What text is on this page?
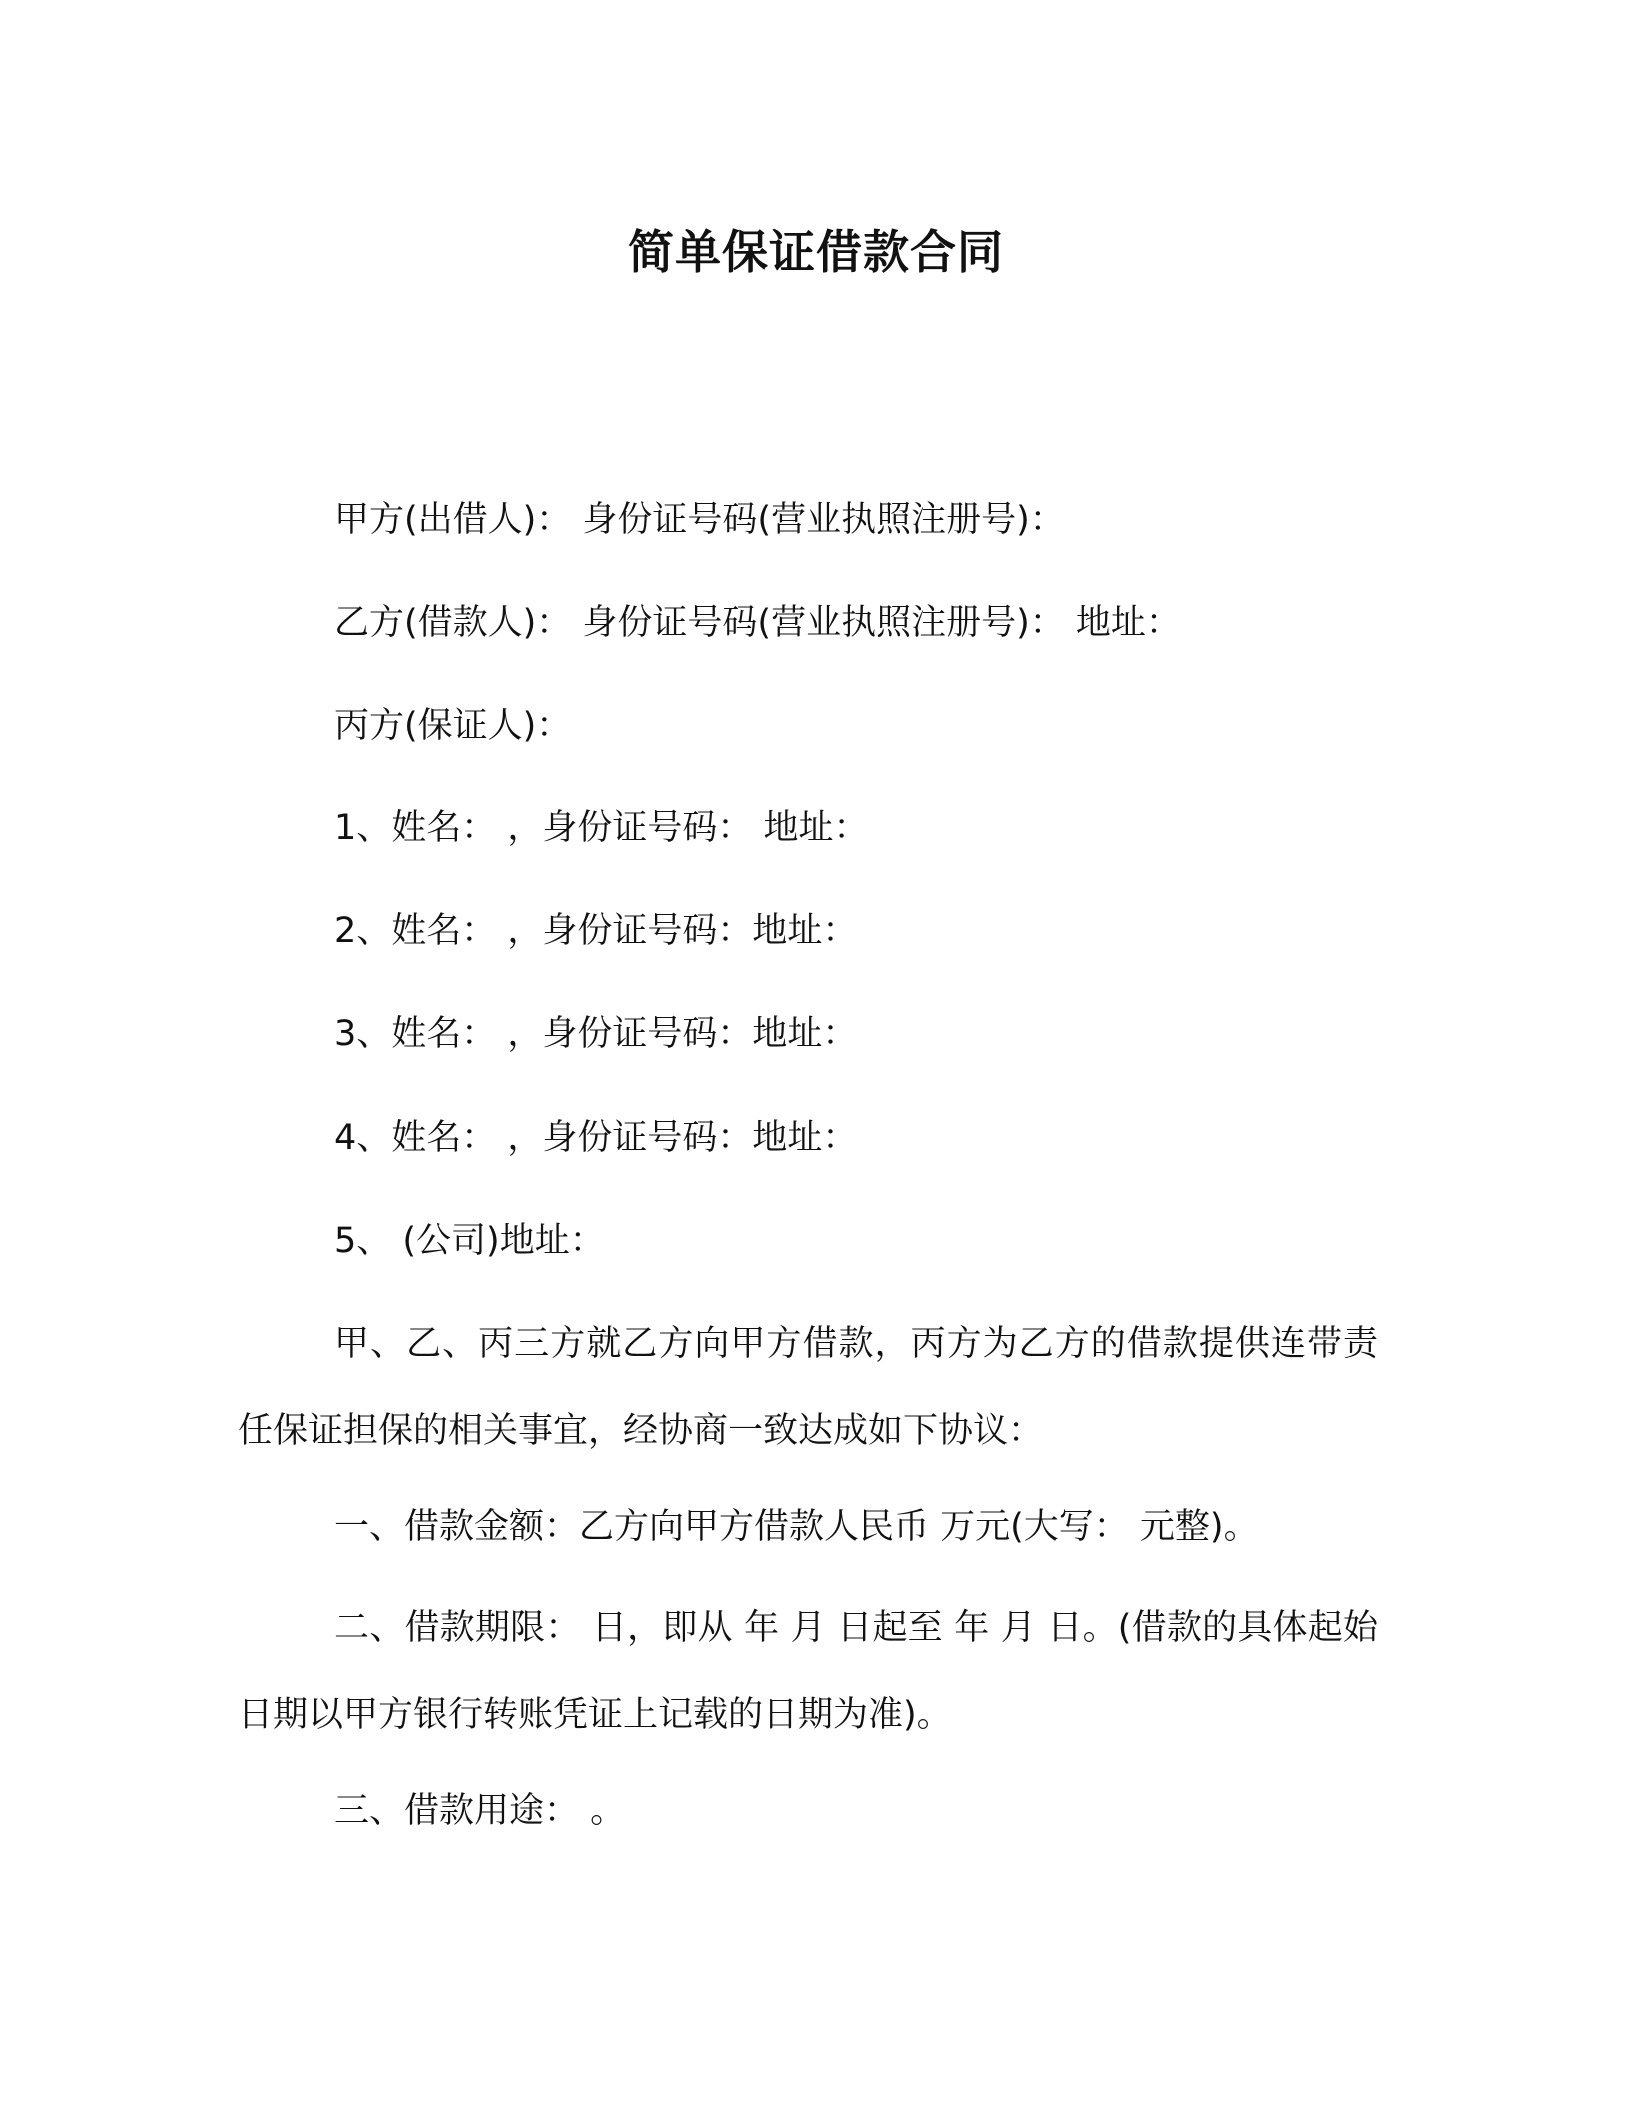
简单保证借款合同
甲方(出借人)： 身份证号码(营业执照注册号)：
乙方(借款人)： 身份证号码(营业执照注册号)： 地址：
丙方(保证人)：
1、姓名： ，身份证号码： 地址：
2、姓名： ，身份证号码：地址：
3、姓名： ，身份证号码：地址：
4、姓名： ，身份证号码：地址：
5、 (公司)地址：
甲、乙、丙三方就乙方向甲方借款，丙方为乙方的借款提供连带责任保证担保的相关事宜，经协商一致达成如下协议：
一、借款金额：乙方向甲方借款人民币 万元(大写： 元整)。
二、借款期限： 日，即从 年 月 日起至 年 月 日。(借款的具体起始日期以甲方银行转账凭证上记载的日期为准)。
三、借款用途： 。
